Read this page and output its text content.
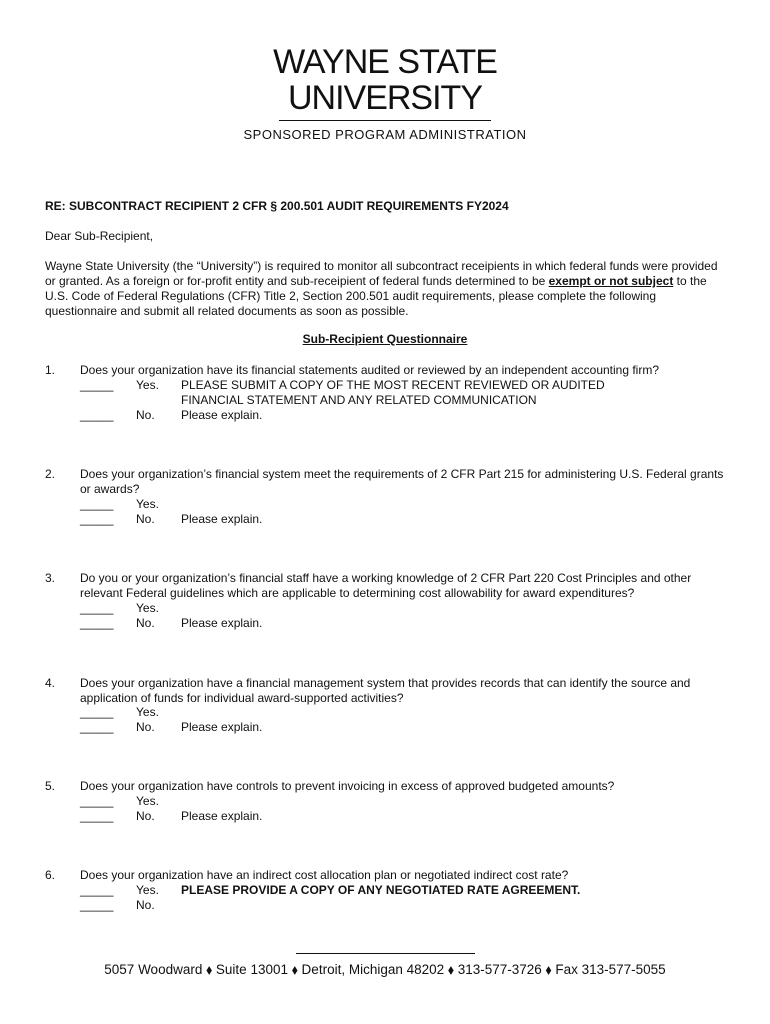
WAYNE STATE
UNIVERSITY
SPONSORED PROGRAM ADMINISTRATION
RE: SUBCONTRACT RECIPIENT 2 CFR § 200.501 AUDIT REQUIREMENTS FY2024
Dear Sub-Recipient,
Wayne State University (the “University”) is required to monitor all subcontract receipients in which federal funds were provided or granted. As a foreign or for-profit entity and sub-receipient of federal funds determined to be exempt or not subject to the U.S. Code of Federal Regulations (CFR) Title 2, Section 200.501 audit requirements, please complete the following questionnaire and submit all related documents as soon as possible.
Sub-Recipient Questionnaire
1. Does your organization have its financial statements audited or reviewed by an independent accounting firm?
_____ Yes. PLEASE SUBMIT A COPY OF THE MOST RECENT REVIEWED OR AUDITED FINANCIAL STATEMENT AND ANY RELATED COMMUNICATION
_____ No. Please explain.
2. Does your organization’s financial system meet the requirements of 2 CFR Part 215 for administering U.S. Federal grants or awards?
_____ Yes.
_____ No. Please explain.
3. Do you or your organization’s financial staff have a working knowledge of 2 CFR Part 220 Cost Principles and other relevant Federal guidelines which are applicable to determining cost allowability for award expenditures?
_____ Yes.
_____ No. Please explain.
4. Does your organization have a financial management system that provides records that can identify the source and application of funds for individual award-supported activities?
_____ Yes.
_____ No. Please explain.
5. Does your organization have controls to prevent invoicing in excess of approved budgeted amounts?
_____ Yes.
_____ No. Please explain.
6. Does your organization have an indirect cost allocation plan or negotiated indirect cost rate?
_____ Yes. PLEASE PROVIDE A COPY OF ANY NEGOTIATED RATE AGREEMENT.
_____ No.
5057 Woodward ⬧ Suite 13001 ⬧ Detroit, Michigan 48202 ⬧ 313-577-3726 ⬧ Fax 313-577-5055
